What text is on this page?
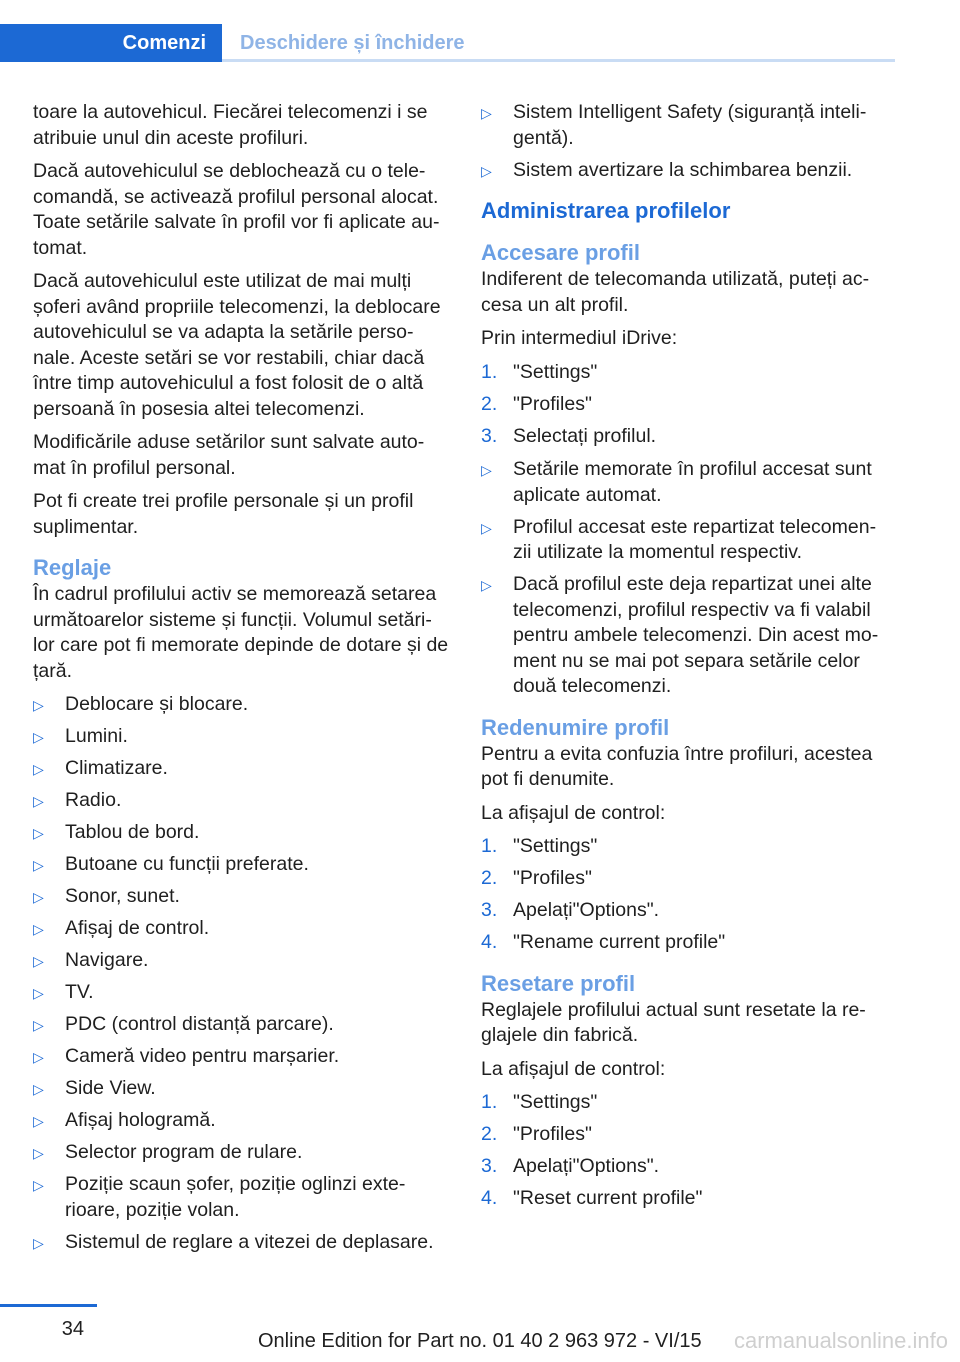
Comenzi	Deschidere și închidere

toare la autovehicul. Fiecărei telecomenzi i se atribuie unul din aceste profiluri.

Dacă autovehiculul se deblochează cu o tele‐ comandă, se activează profilul personal alocat. Toate setările salvate în profil vor fi aplicate au‐ tomat.

Dacă autovehiculul este utilizat de mai mulți șoferi având propriile telecomenzi, la deblocare autovehiculul se va adapta la setările perso‐ nale. Aceste setări se vor restabili, chiar dacă între timp autovehiculul a fost folosit de o altă persoană în posesia altei telecomenzi.

Modificările aduse setărilor sunt salvate auto‐ mat în profilul personal.

Pot fi create trei profile personale și un profil suplimentar.

Reglaje

În cadrul profilului activ se memorează setarea următoarelor sisteme și funcții. Volumul setări‐ lor care pot fi memorate depinde de dotare și de țară.

▷	Deblocare și blocare.
▷	Lumini.
▷	Climatizare.
▷	Radio.
▷	Tablou de bord.
▷	Butoane cu funcții preferate.
▷	Sonor, sunet.
▷	Afișaj de control.
▷	Navigare.
▷	TV.
▷	PDC (control distanță parcare).
▷	Cameră video pentru marșarier.
▷	Side View.
▷	Afișaj hologramă.
▷	Selector program de rulare.
▷	Poziție scaun șofer, poziție oglinzi exte‐ rioare, poziție volan.
▷	Sistemul de reglare a vitezei de deplasare.
▷	Sistem Intelligent Safety (siguranță inteli‐ gentă).
▷	Sistem avertizare la schimbarea benzii.
Administrarea profilelor
Accesare profil

Indiferent de telecomanda utilizată, puteți ac‐ cesa un alt profil.

Prin intermediul iDrive:

1. "Settings"
2. "Profiles"
3. Selectați profilul.
▷	Setările memorate în profilul accesat sunt aplicate automat.
▷	Profilul accesat este repartizat telecomen‐ zii utilizate la momentul respectiv.
▷	Dacă profilul este deja repartizat unei alte telecomenzi, profilul respectiv va fi valabil pentru ambele telecomenzi. Din acest mo‐ ment nu se mai pot separa setările celor două telecomenzi.
Redenumire profil

Pentru a evita confuzia între profiluri, acestea pot fi denumite.

La afișajul de control:

1. "Settings"
2. "Profiles"
3. Apelați"Options".
4. "Rename current profile"
Resetare profil

Reglajele profilului actual sunt resetate la re‐ glajele din fabrică.

La afișajul de control:

1. "Settings"
2. "Profiles"
3. Apelați"Options".
4. "Reset current profile"
34
Online Edition for Part no. 01 40 2 963 972 - VI/15 carmanualsonline.info
